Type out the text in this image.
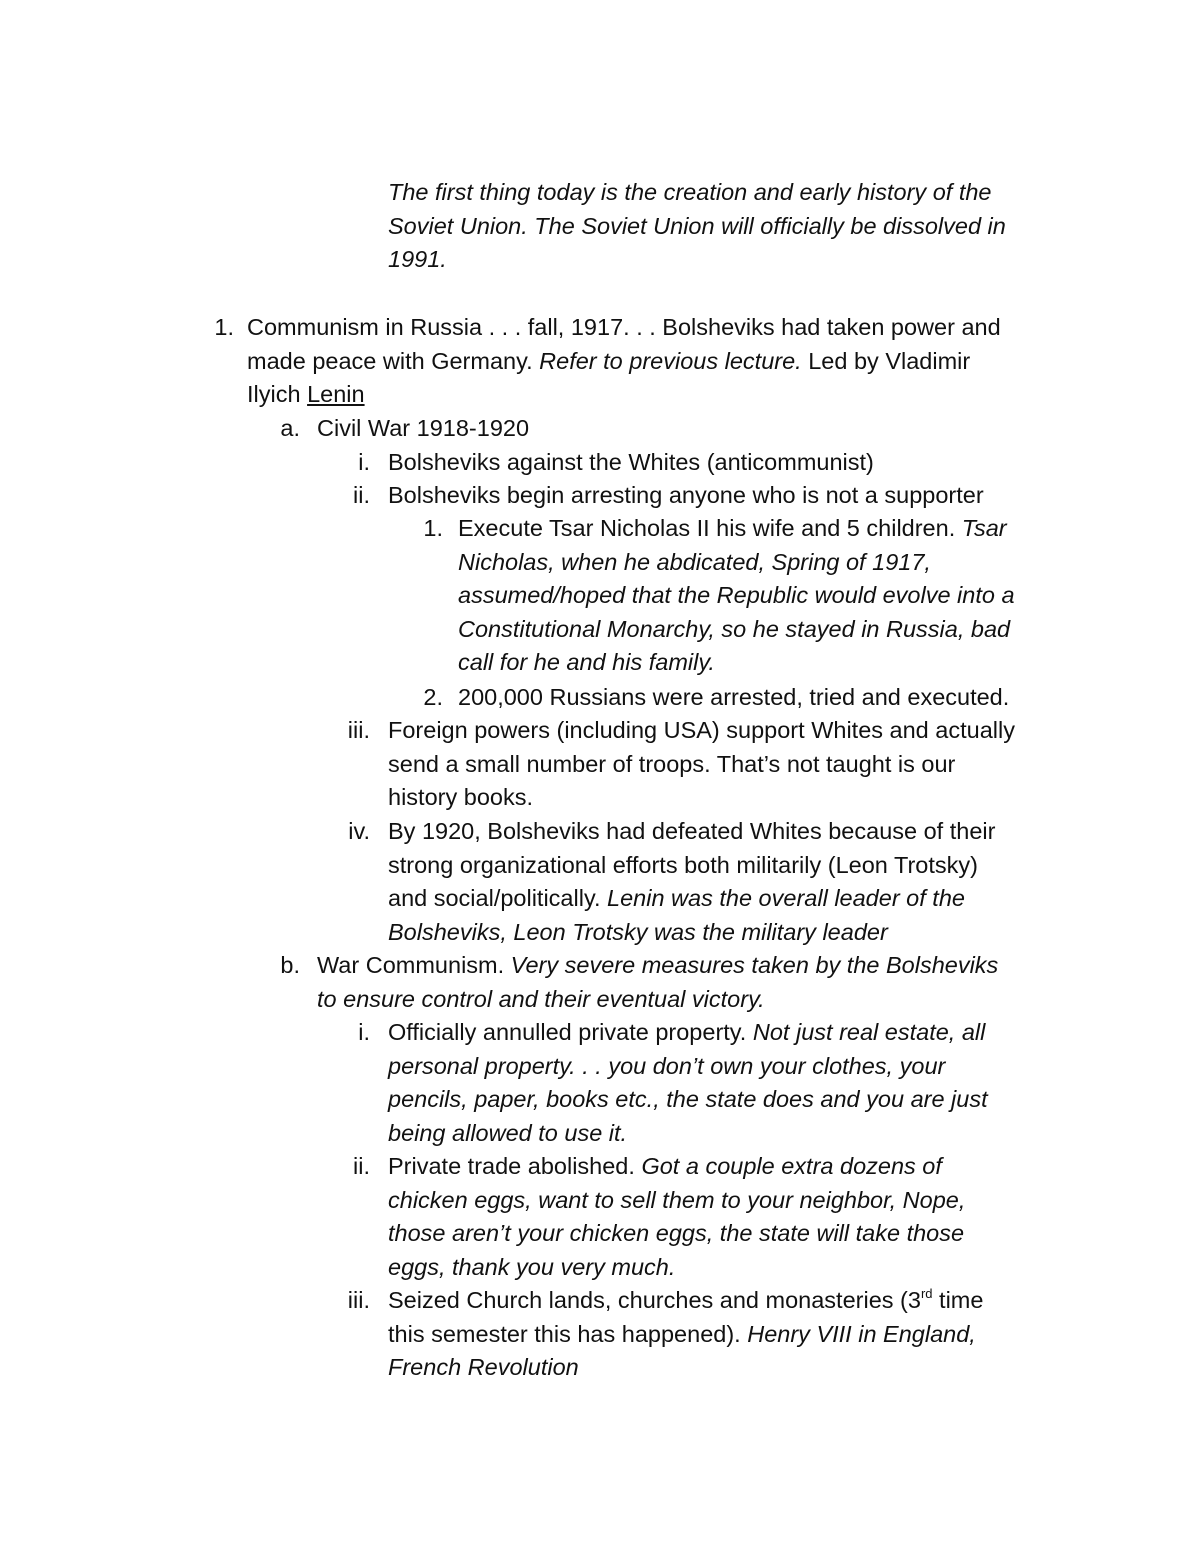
The first thing today is the creation and early history of the
Soviet Union. The Soviet Union will officially be dissolved in
1991.
1. Communism in Russia . . . fall, 1917. . . Bolsheviks had taken power and
made peace with Germany. Refer to previous lecture. Led by Vladimir
Ilyich Lenin
a. Civil War 1918-1920
i. Bolsheviks against the Whites (anticommunist)
ii. Bolsheviks begin arresting anyone who is not a supporter
1. Execute Tsar Nicholas II his wife and 5 children. Tsar
Nicholas, when he abdicated, Spring of 1917,
assumed/hoped that the Republic would evolve into a
Constitutional Monarchy, so he stayed in Russia, bad
call for he and his family.
2. 200,000 Russians were arrested, tried and executed.
iii. Foreign powers (including USA) support Whites and actually
send a small number of troops. That’s not taught is our
history books.
iv. By 1920, Bolsheviks had defeated Whites because of their
strong organizational efforts both militarily (Leon Trotsky)
and social/politically. Lenin was the overall leader of the
Bolsheviks, Leon Trotsky was the military leader
b. War Communism. Very severe measures taken by the Bolsheviks
to ensure control and their eventual victory.
i. Officially annulled private property. Not just real estate, all
personal property. . . you don’t own your clothes, your
pencils, paper, books etc., the state does and you are just
being allowed to use it.
ii. Private trade abolished. Got a couple extra dozens of
chicken eggs, want to sell them to your neighbor, Nope,
those aren’t your chicken eggs, the state will take those
eggs, thank you very much.
iii. Seized Church lands, churches and monasteries (3rd time
this semester this has happened). Henry VIII in England,
French Revolution
